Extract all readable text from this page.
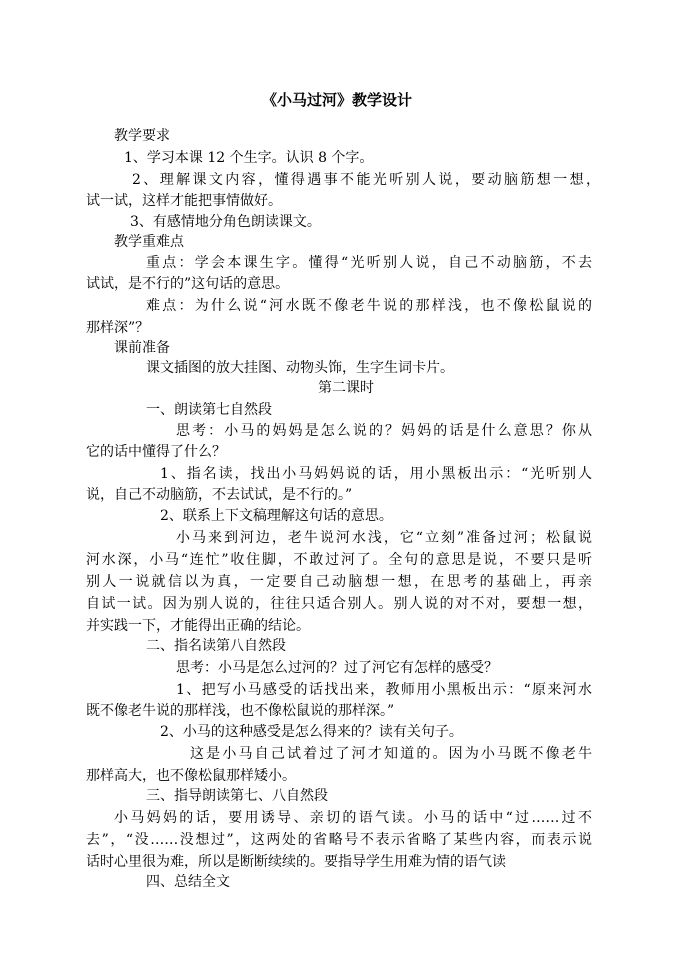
《小马过河》教学设计
教学要求
1、学习本课 12 个生字。认识 8 个字。
2、理解课文内容，懂得遇事不能光听别人说，要动脑筋想一想，
试一试，这样才能把事情做好。
3、有感情地分角色朗读课文。
教学重难点
重点：学会本课生字。懂得“光听别人说，自己不动脑筋，不去
试试，是不行的”这句话的意思。
难点：为什么说“河水既不像老牛说的那样浅，也不像松鼠说的
那样深”？
课前准备
课文插图的放大挂图、动物头饰，生字生词卡片。
第二课时
一、朗读第七自然段
思考：小马的妈妈是怎么说的？妈妈的话是什么意思？你从
它的话中懂得了什么？
1、指名读，找出小马妈妈说的话，用小黑板出示：“光听别人
说，自己不动脑筋，不去试试，是不行的。”
2、联系上下文稿理解这句话的意思。
小马来到河边，老牛说河水浅，它“立刻”准备过河；松鼠说
河水深，小马“连忙”收住脚，不敢过河了。全句的意思是说，不要只是听
别人一说就信以为真，一定要自己动脑想一想，在思考的基础上，再亲
自试一试。因为别人说的，往往只适合别人。别人说的对不对，要想一想，
并实践一下，才能得出正确的结论。
二、指名读第八自然段
思考：小马是怎么过河的？过了河它有怎样的感受？
1、把写小马感受的话找出来，教师用小黑板出示：“原来河水
既不像老牛说的那样浅，也不像松鼠说的那样深。”
2、小马的这种感受是怎么得来的？读有关句子。
这是小马自己试着过了河才知道的。因为小马既不像老牛
那样高大，也不像松鼠那样矮小。
三、指导朗读第七、八自然段
小马妈妈的话，要用诱导、亲切的语气读。小马的话中“过……过不
去”，“没……没想过”，这两处的省略号不表示省略了某些内容，而表示说
话时心里很为难，所以是断断续续的。要指导学生用难为情的语气读
四、总结全文
